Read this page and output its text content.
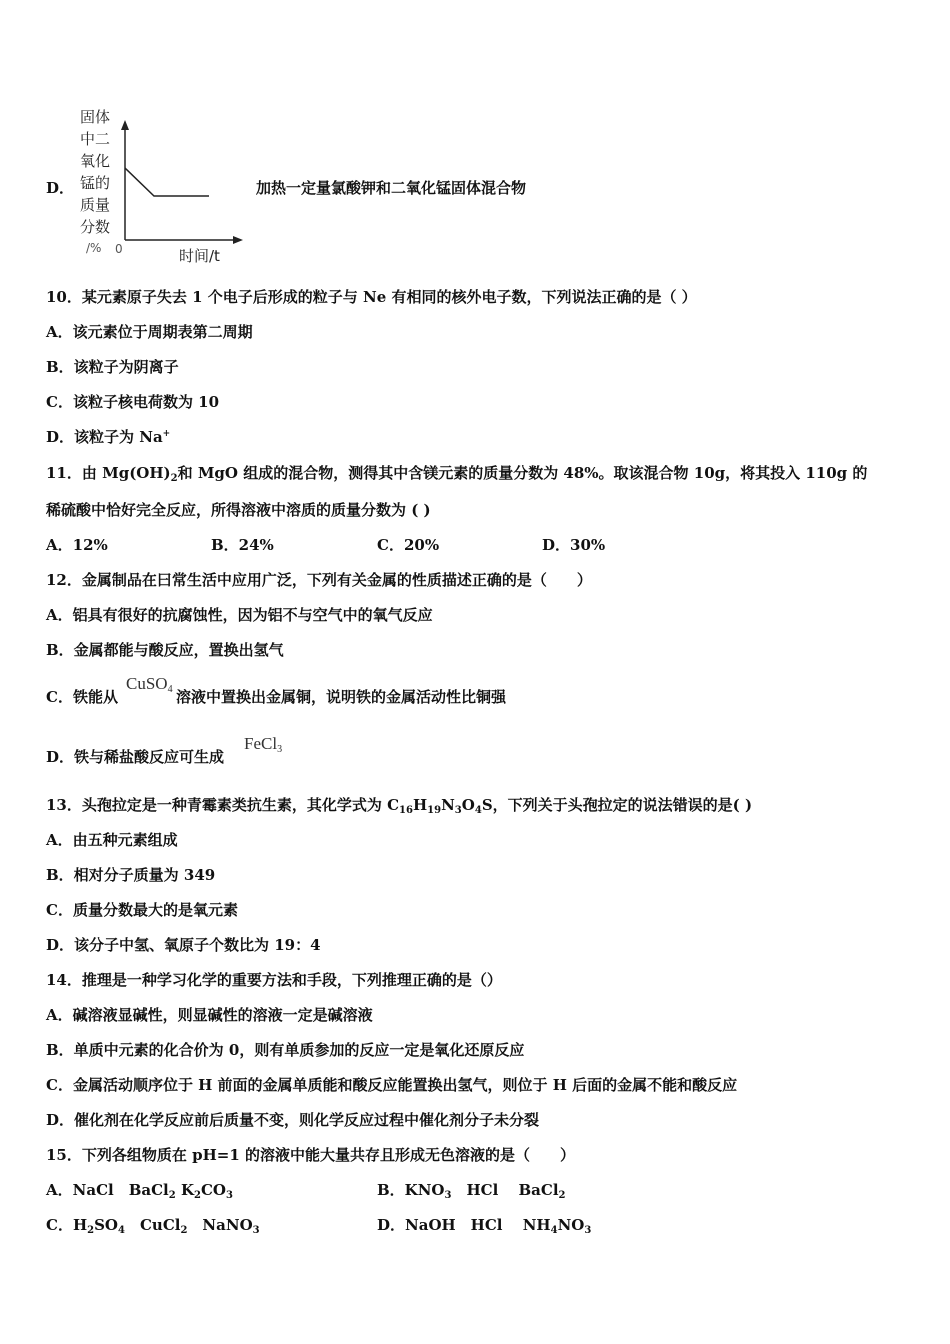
D．
固体
中二
氧化
锰的
质量
分数
/% 0	时间/t
加热一定量氯酸钾和二氧化锰固体混合物
10．某元素原子失去 1 个电子后形成的粒子与 Ne 有相同的核外电子数，下列说法正确的是（ ）
A．该元素位于周期表第二周期
B．该粒子为阴离子
C．该粒子核电荷数为 10
D．该粒子为 Na+
11．由 $Mg(OH)_2$和 MgO 组成的混合物，测得其中含镁元素的质量分数为 48%。取该混合物 10g，将其投入 110g 的
稀硫酸中恰好完全反应，所得溶液中溶质的质量分数为 ( )
A．12%	B．24%	C．20%	D．30%
12．金属制品在曰常生活中应用广泛，下列有关金属的性质描述正确的是（　　）
A．铝具有很好的抗腐蚀性，因为铝不与空气中的氧气反应
B．金属都能与酸反应，置换出氢气
C．铁能从	溶液中置换出金属铜，说明铁的金属活动性比铜强
CuSO$_4$
D．铁与稀盐酸反应可生成
FeCl$_3$
13．头孢拉定是一种青霉素类抗生素，其化学式为 $C_{16}H_{19}N_3O_4S$，下列关于头孢拉定的说法错误的是( )
A．由五种元素组成
B．相对分子质量为 349
C．质量分数最大的是氧元素
D．该分子中氢、氧原子个数比为 19：4
14．推理是一种学习化学的重要方法和手段，下列推理正确的是（）
A．碱溶液显碱性，则显碱性的溶液一定是碱溶液
B．单质中元素的化合价为 0，则有单质参加的反应一定是氧化还原反应
C．金属活动顺序位于 H 前面的金属单质能和酸反应能置换出氢气，则位于 H 后面的金属不能和酸反应
D．催化剂在化学反应前后质量不变，则化学反应过程中催化剂分子未分裂
15．下列各组物质在 pH=1 的溶液中能大量共存且形成无色溶液的是（　　）
A．NaCl　BaCl$_2$ $K_2CO_3$	B．$KNO_3$　HCl　 BaCl$_2$
C．$H_2SO_4$　CuCl$_2$　NaNO$_3$	D．NaOH　HCl　 $NH_4NO_3$
